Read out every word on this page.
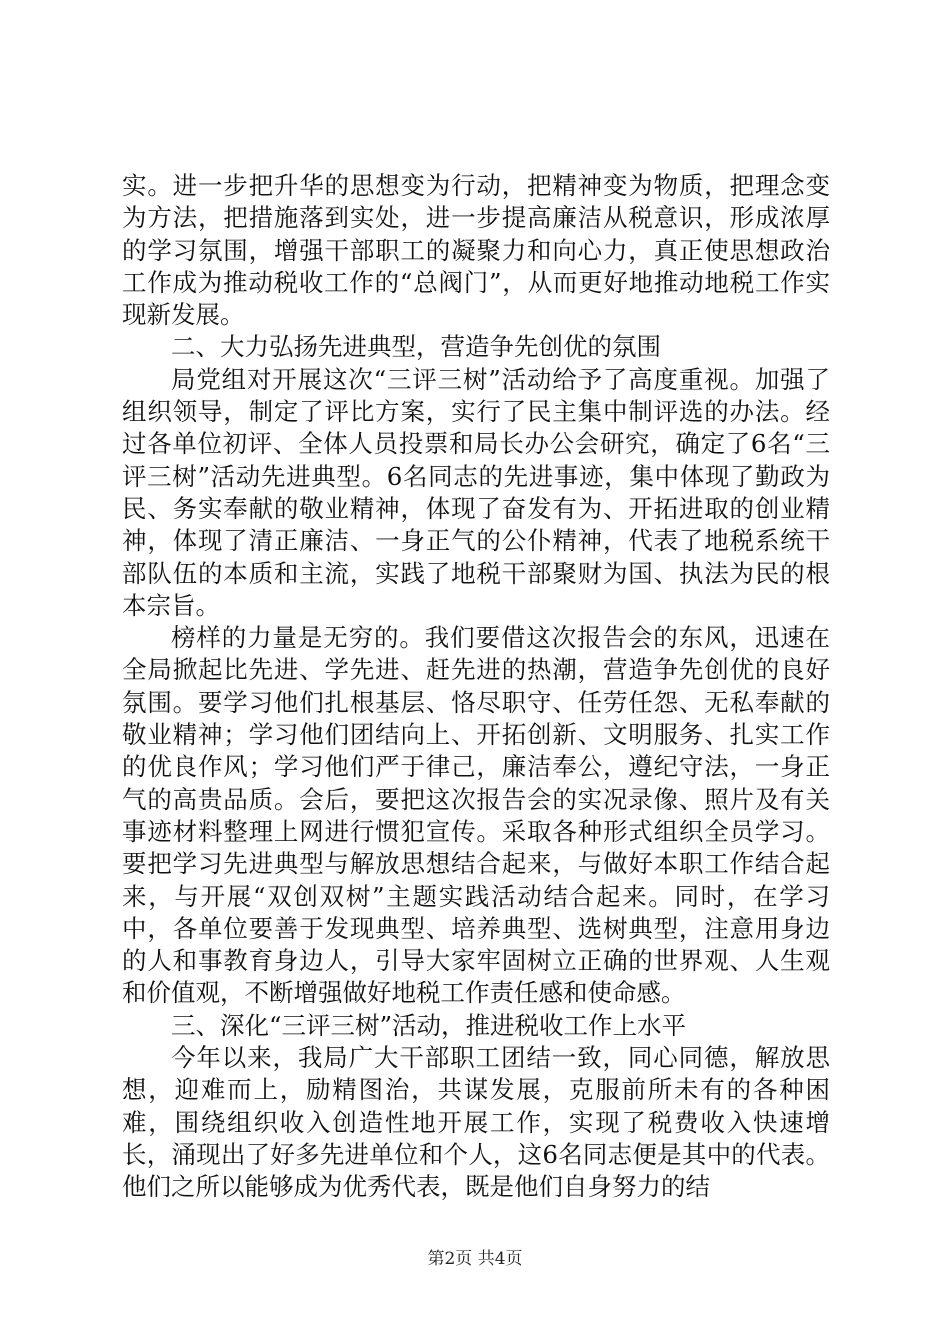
实。进一步把升华的思想变为行动，把精神变为物质，把理念变为方法，把措施落到实处，进一步提高廉洁从税意识，形成浓厚的学习氛围，增强干部职工的凝聚力和向心力，真正使思想政治工作成为推动税收工作的“总阀门”，从而更好地推动地税工作实现新发展。

二、大力弘扬先进典型，营造争先创优的氛围

局党组对开展这次“三评三树”活动给予了高度重视。加强了组织领导，制定了评比方案，实行了民主集中制评选的办法。经过各单位初评、全体人员投票和局长办公会研究，确定了6名“三评三树”活动先进典型。6名同志的先进事迹，集中体现了勤政为民、务实奉献的敬业精神，体现了奋发有为、开拓进取的创业精神，体现了清正廉洁、一身正气的公仆精神，代表了地税系统干部队伍的本质和主流，实践了地税干部聚财为国、执法为民的根本宗旨。

榜样的力量是无穷的。我们要借这次报告会的东风，迅速在全局掀起比先进、学先进、赶先进的热潮，营造争先创优的良好氛围。要学习他们扎根基层、恪尽职守、任劳任怨、无私奉献的敬业精神；学习他们团结向上、开拓创新、文明服务、扎实工作的优良作风；学习他们严于律己，廉洁奉公，遵纪守法，一身正气的高贵品质。会后，要把这次报告会的实况录像、照片及有关事迹材料整理上网进行惯犯宣传。采取各种形式组织全员学习。要把学习先进典型与解放思想结合起来，与做好本职工作结合起来，与开展“双创双树”主题实践活动结合起来。同时，在学习中，各单位要善于发现典型、培养典型、选树典型，注意用身边的人和事教育身边人，引导大家牢固树立正确的世界观、人生观和价值观，不断增强做好地税工作责任感和使命感。

三、深化“三评三树”活动，推进税收工作上水平

今年以来，我局广大干部职工团结一致，同心同德，解放思想，迎难而上，励精图治，共谋发展，克服前所未有的各种困难，围绕组织收入创造性地开展工作，实现了税费收入快速增长，涌现出了好多先进单位和个人，这6名同志便是其中的代表。他们之所以能够成为优秀代表，既是他们自身努力的结

第2页 共4页
